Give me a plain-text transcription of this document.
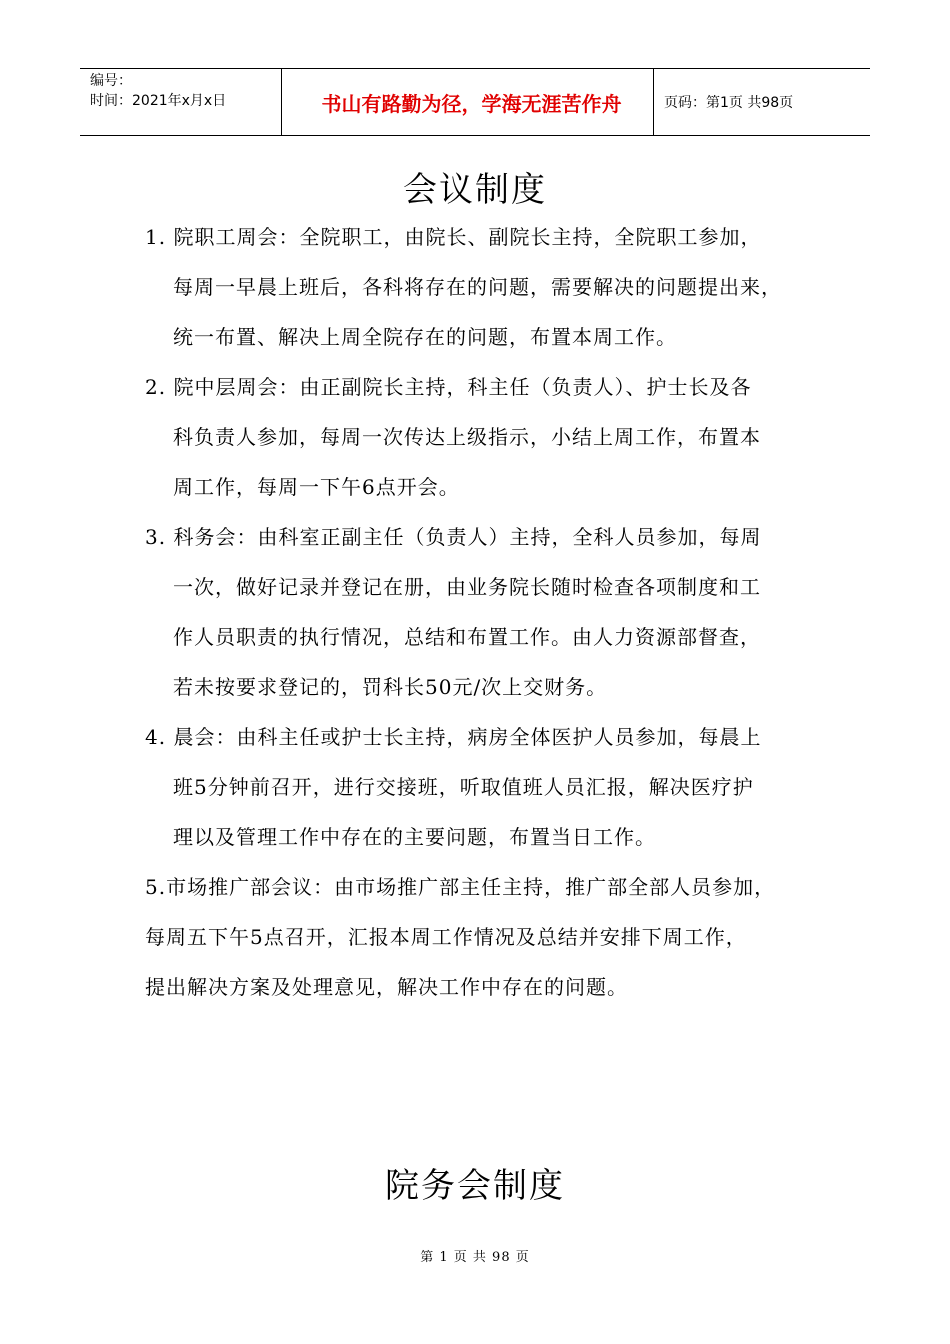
编号：
时间：2021年x月x日	书山有路勤为径，学海无涯苦作舟	页码：第1页 共98页
会议制度
1. 院职工周会：全院职工，由院长、副院长主持，全院职工参加，
每周一早晨上班后，各科将存在的问题，需要解决的问题提出来，
统一布置、解决上周全院存在的问题，布置本周工作。
2. 院中层周会：由正副院长主持，科主任（负责人）、护士长及各
科负责人参加，每周一次传达上级指示，小结上周工作，布置本
周工作，每周一下午6点开会。
3. 科务会：由科室正副主任（负责人）主持，全科人员参加，每周
一次，做好记录并登记在册，由业务院长随时检查各项制度和工
作人员职责的执行情况，总结和布置工作。由人力资源部督查，
若未按要求登记的，罚科长50元/次上交财务。
4. 晨会：由科主任或护士长主持，病房全体医护人员参加，每晨上
班5分钟前召开，进行交接班，听取值班人员汇报，解决医疗护
理以及管理工作中存在的主要问题，布置当日工作。
5.市场推广部会议：由市场推广部主任主持，推广部全部人员参加，
每周五下午5点召开，汇报本周工作情况及总结并安排下周工作，
提出解决方案及处理意见，解决工作中存在的问题。
院务会制度
第 1 页 共 98 页
